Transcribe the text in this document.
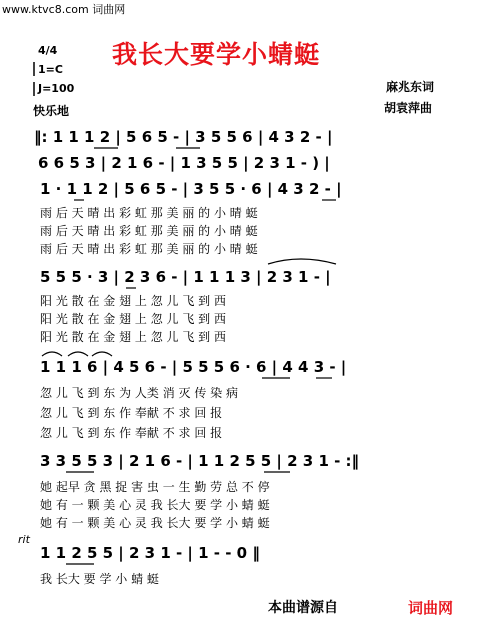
www.ktvc8.com 词曲网
我长大要学小蜻蜓
4/4
1=C
J=100
快乐地
麻兆东词
胡袁萍曲
‖: 1 1 1 2 | 5 6 5 - | 3 5 5 6 | 4 3 2 - |
6 6 5 3 | 2 1 6 - | 1 3 5 5 | 2 3 1 - ) |
1 · 1 1 2 | 5 6 5 - | 3 5 5 · 6 | 4 3 2 - |
雨 后 天 晴 出 彩 虹 那 美 丽 的 小 晴 蜓
雨 后 天 晴 出 彩 虹 那 美 丽 的 小 晴 蜓
雨 后 天 晴 出 彩 虹 那 美 丽 的 小 晴 蜓
5 5 5 · 3 | 2 3 6 - | 1 1 1 3 | 2 3 1 - |
阳 光 散 在 金 翅 上 忽 儿 飞 到 西
阳 光 散 在 金 翅 上 忽 儿 飞 到 西
阳 光 散 在 金 翅 上 忽 儿 飞 到 西
1 1 1 6 | 4 5 6 - | 5 5 5 6 · 6 | 4 4 3 - |
忽 儿 飞 到 东 为 人类 消 灭 传 染 病
忽 儿 飞 到 东 作 奉献 不 求 回 报
忽 儿 飞 到 东 作 奉献 不 求 回 报
3 3 5 5 3 | 2 1 6 - | 1 1 2 5 5 | 2 3 1 - :‖
她 起早 贪 黑 捉 害 虫 一 生 勤 劳 总 不 停
她 有 一 颗 美 心 灵 我 长大 要 学 小 蜻 蜓
她 有 一 颗 美 心 灵 我 长大 要 学 小 蜻 蜓
rit
1 1 2 5 5 | 2 3 1 - | 1 - - 0 ‖
我 长大 要 学 小 蜻 蜓
本曲谱源自	词曲网
